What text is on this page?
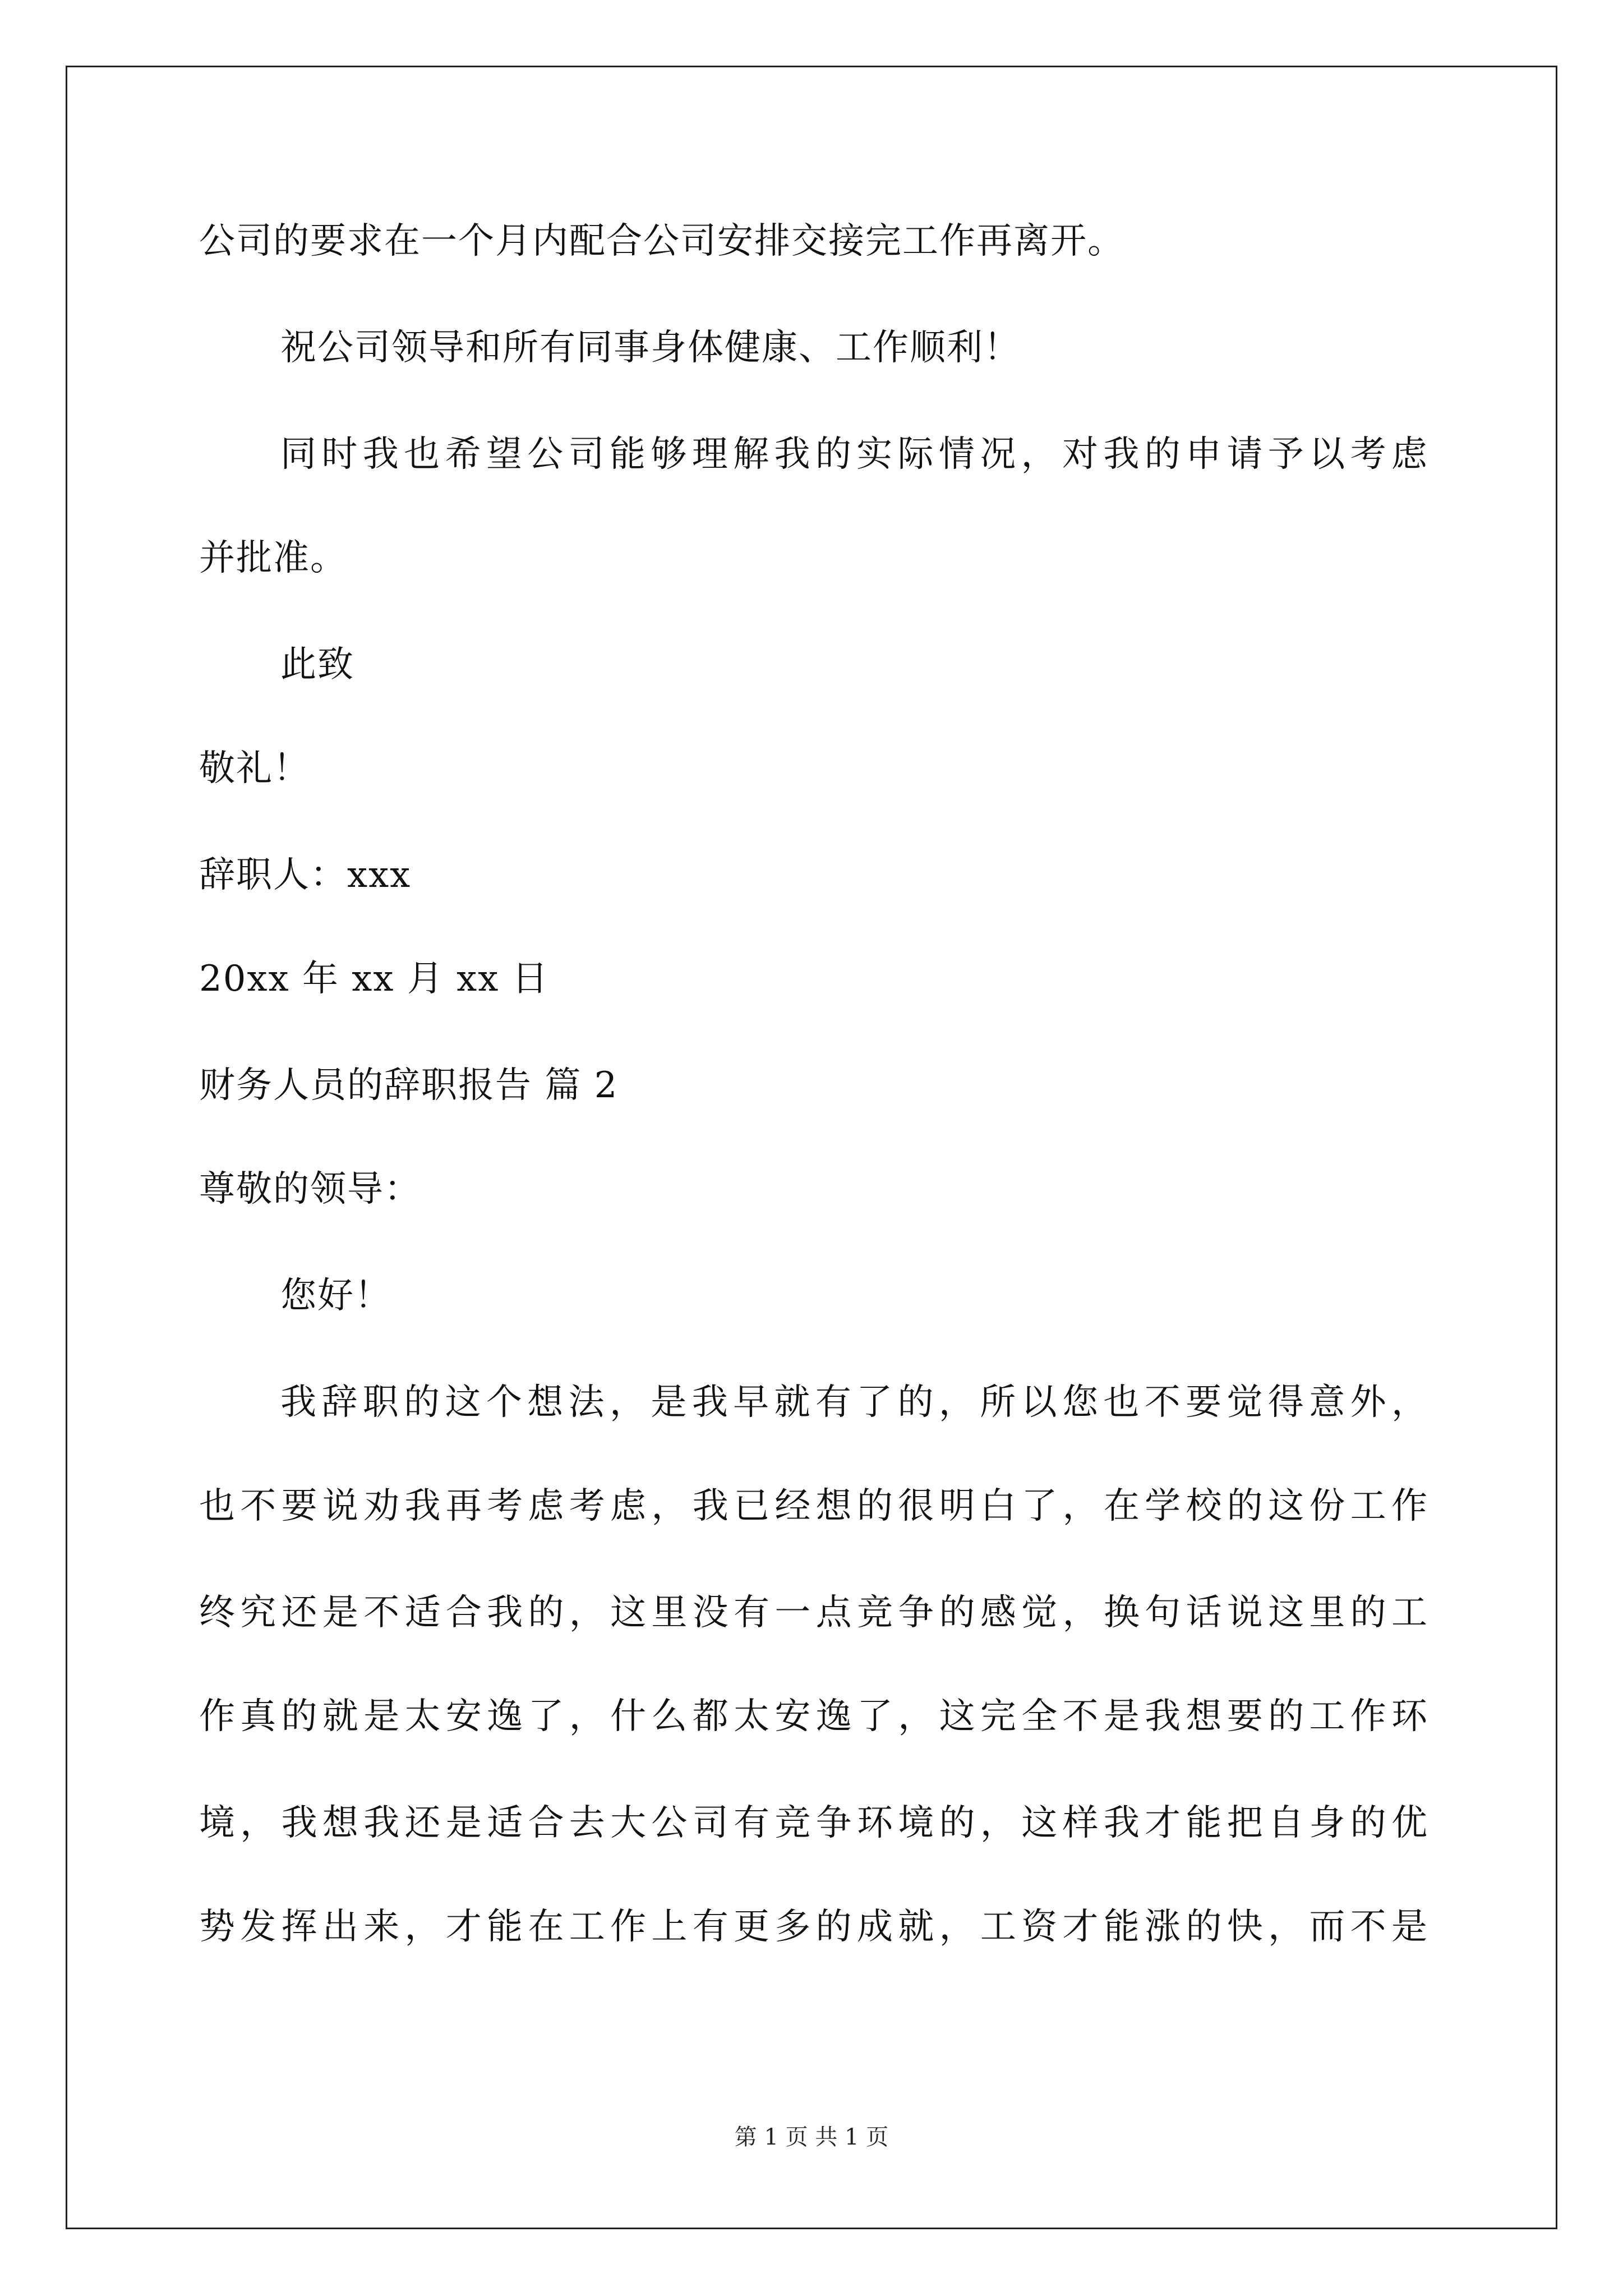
公司的要求在一个月内配合公司安排交接完工作再离开。
祝公司领导和所有同事身体健康、工作顺利！
同时我也希望公司能够理解我的实际情况，对我的申请予以考虑
并批准。
此致
敬礼！
辞职人：xxx
20xx 年 xx 月 xx 日
财务人员的辞职报告 篇 2
尊敬的领导：
您好！
我辞职的这个想法，是我早就有了的，所以您也不要觉得意外，
也不要说劝我再考虑考虑，我已经想的很明白了，在学校的这份工作
终究还是不适合我的，这里没有一点竞争的感觉，换句话说这里的工
作真的就是太安逸了，什么都太安逸了，这完全不是我想要的工作环
境，我想我还是适合去大公司有竞争环境的，这样我才能把自身的优
势发挥出来，才能在工作上有更多的成就，工资才能涨的快，而不是
第 1 页 共 1 页
